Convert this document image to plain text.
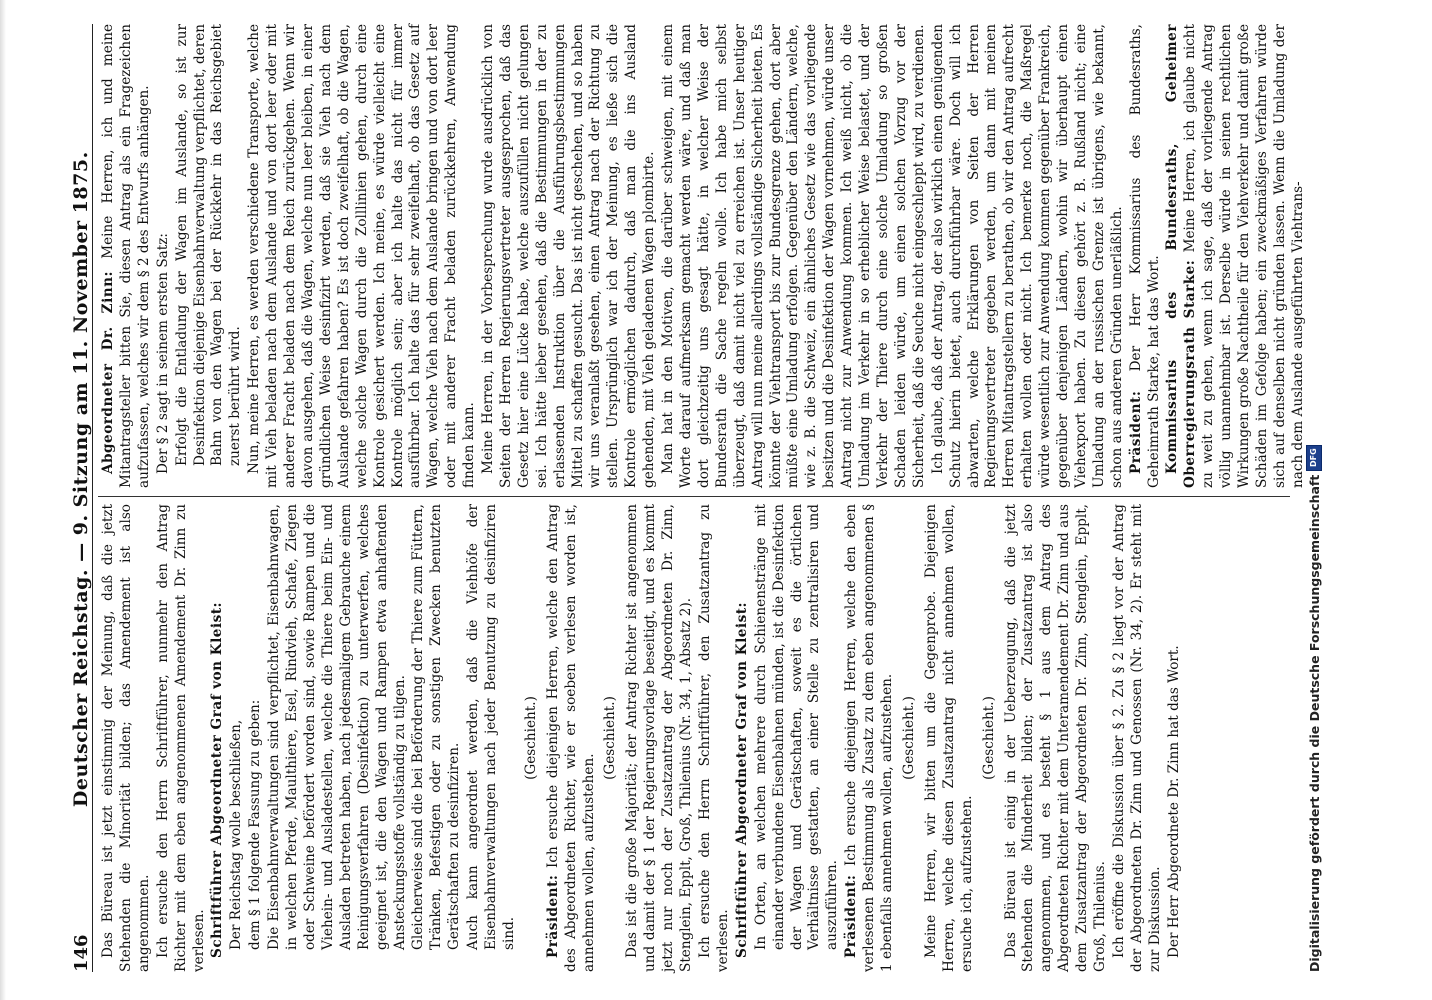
146
Deutscher Reichstag. — 9. Sitzung am 11. November 1875. Das Büreau ist jetzt einstimmig der Meinung, daß die jetzt Stehenden die Minorität bilden; das Amendement ist also angenommen. Ich ersuche den Herrn Schriftführer, nunmehr den Antrag Richter mit dem eben angenommenen Amendement Dr. Zinn zu verlesen. Schriftführer Abgeordneter Graf von Kleist: Der Reichstag wolle beschließen, dem § 1 folgende Fassung zu geben: Die Eisenbahnverwaltungen sind verpflichtet, Eisenbahnwagen, in welchen Pferde, Maulthiere, Esel, Rindvieh, Schafe, Ziegen oder Schweine befördert worden sind, sowie Rampen und die Viehein- und Ausladestellen, welche die Thiere beim Ein- und Ausladen betreten haben, nach jedesmaligem Gebrauche einem Reinigungsverfahren (Desinfektion) zu unterwerfen, welches geeignet ist, die den Wagen und Rampen etwa anhaftenden Ansteckungsstoffe vollständig zu tilgen. Gleicherweise sind die bei Beförderung der Thiere zum Füttern, Tränken, Befestigen oder zu sonstigen Zwecken benutzten Gerätschaften zu desinfiziren. Auch kann angeordnet werden, daß die Viehhöfe der Eisenbahnverwaltungen nach jeder Benutzung zu desinfiziren sind.

(Geschieht.)

Präsident: Ich ersuche diejenigen Herren, welche den Antrag des Abgeordneten Richter, wie er soeben verlesen worden ist, annehmen wollen, aufzustehen.

(Geschieht.) Das ist die große Majorität; der Antrag Richter ist angenommen und damit der § 1 der Regierungsvorlage beseitigt, und es kommt jetzt nur noch der Zusatzantrag der Abgeordneten Dr. Zinn, Stenglein, Epplt, Groß, Thilenius (Nr. 34, 1, Absatz 2). Ich ersuche den Herrn Schriftführer, den Zusatzantrag zu verlesen. Schriftführer Abgeordneter Graf von Kleist: In Orten, an welchen mehrere durch Schienenstränge mit einander verbundene Eisenbahnen münden, ist die Desinfektion der Wagen und Gerätschaften, soweit es die örtlichen Verhältnisse gestatten, an einer Stelle zu zentralisiren und auszuführen. Präsident: Ich ersuche diejenigen Herren, welche den eben verlesenen Bestimmung als Zusatz zu dem eben angenommenen § 1 ebenfalls annehmen wollen, aufzustehen. (Geschieht.) Meine Herren, wir bitten um die Gegenprobe. Diejenigen Herren, welche diesen Zusatzantrag nicht annehmen wollen, ersuche ich, aufzustehen.

(Geschieht.) Das Büreau ist einig in der Ueberzeugung, daß die jetzt Stehenden die Minderheit bilden; der Zusatzantrag ist also angenommen, und es besteht § 1 aus dem Antrag des Abgeordneten Richter mit dem Unteramendement Dr. Zinn und aus dem Zusatzantrag der Abgeordneten Dr. Zinn, Stenglein, Epplt, Groß, Thilenius. Ich eröffne die Diskussion über § 2. Zu § 2 liegt vor der Antrag der Abgeordneten Dr. Zinn und Genossen (Nr. 34, 2). Er steht mit zur Diskussion. Der Herr Abgeordnete Dr. Zinn hat das Wort.

Abgeordneter Dr. Zinn: Meine Herren, ich und meine Mitantragsteller bitten Sie, diesen Antrag als ein Fragezeichen aufzufassen, welches wir dem § 2 des Entwurfs anhängen. Der § 2 sagt in seinem ersten Satz: Erfolgt die Entladung der Wagen im Auslande, so ist zur Desinfektion diejenige Eisenbahnverwaltung verpflichtet, deren Bahn von den Wagen bei der Rückkehr in das Reichsgebiet zuerst berührt wird. Nun, meine Herren, es werden verschiedene Transporte, welche mit Vieh beladen nach dem Auslande und von dort leer oder mit anderer Fracht beladen nach dem Reich zurückgehen. Wenn wir davon ausgehen, daß die Wagen, welche nun leer bleiben, in einer gründlichen Weise desinfizirt werden, daß sie Vieh nach dem Auslande gefahren haben? Es ist doch zweifelhaft, ob die Wagen, welche solche Wagen durch die Zolllinien gehen, durch eine Kontrole gesichert werden. Ich meine, es würde vielleicht eine Kontrole möglich sein; aber ich halte das nicht für immer ausführbar. Ich halte das für sehr zweifelhaft, ob das Gesetz auf Wagen, welche Vieh nach dem Auslande bringen und von dort leer oder mit anderer Fracht beladen zurückkehren, Anwendung finden kann. Meine Herren, in der Vorbesprechung wurde ausdrücklich von Seiten der Herren Regierungsvertreter ausgesprochen, daß das Gesetz hier eine Lücke habe, welche auszufüllen nicht gelungen sei. Ich hätte lieber gesehen, daß die Bestimmungen in der zu erlassenden Instruktion über die Ausführungsbestimmungen Mittel zu schaffen gesucht. Das ist nicht geschehen, und so haben wir uns veranlaßt gesehen, einen Antrag nach der Richtung zu stellen. Ursprünglich war ich der Meinung, es ließe sich die Kontrole ermöglichen dadurch, daß man die ins Ausland gehenden, mit Vieh geladenen Wagen plombirte. Man hat in den Motiven, die darüber schweigen, mit einem Worte darauf aufmerksam gemacht werden wäre, und daß man dort gleichzeitig uns gesagt hätte, in welcher Weise der Bundesrath die Sache regeln wolle. Ich habe mich selbst überzeugt, daß damit nicht viel zu erreichen ist. Unser heutiger Antrag will nun meine allerdings vollständige Sicherheit bieten. Es könnte der Viehtransport bis zur Bundesgrenze gehen, dort aber müßte eine Umladung erfolgen. Gegenüber den Ländern, welche, wie z. B. die Schweiz, ein ähnliches Gesetz wie das vorliegende besitzen und die Desinfektion der Wagen vornehmen, würde unser Antrag nicht zur Anwendung kommen. Ich weiß nicht, ob die Umladung im Verkehr in so erheblicher Weise belastet, und der Verkehr der Thiere durch eine solche Umladung so großen Schaden leiden würde, um einen solchen Vorzug vor der Sicherheit, daß die Seuche nicht eingeschleppt wird, zu verdienen. Ich glaube, daß der Antrag, der also wirklich einen genügenden Schutz hierin bietet, auch durchführbar wäre. Doch will ich abwarten, welche Erklärungen von Seiten der Herren Regierungsvertreter gegeben werden, um dann mit meinen Herren Mitantragstellern zu berathen, ob wir den Antrag aufrecht erhalten wollen oder nicht. Ich bemerke noch, die Maßregel würde wesentlich zur Anwendung kommen gegenüber Frankreich, gegenüber denjenigen Ländern, wohin wir überhaupt einen Viehexport haben. Zu diesen gehört z. B. Rußland nicht; eine Umladung an der russischen Grenze ist übrigens, wie bekannt, schon aus anderen Gründen unerläßlich. Präsident: Der Herr Kommissarius des Bundesraths, Geheimrath Starke, hat das Wort. Kommissarius des Bundesraths, Geheimer Oberregierungsrath Starke: Meine Herren, ich glaube nicht zu weit zu gehen, wenn ich sage, daß der vorliegende Antrag völlig unannehmbar ist. Derselbe würde in seinen rechtlichen Wirkungen große Nachtheile für den Viehverkehr und damit große Schäden im Gefolge haben; ein zweckmäßiges Verfahren würde sich auf denselben nicht gründen lassen. Wenn die Umladung der nach dem Auslande ausgeführten Viehtrans-

Digitalisierung gefördert durch die Deutsche Forschungsgemeinschaft
DFG
